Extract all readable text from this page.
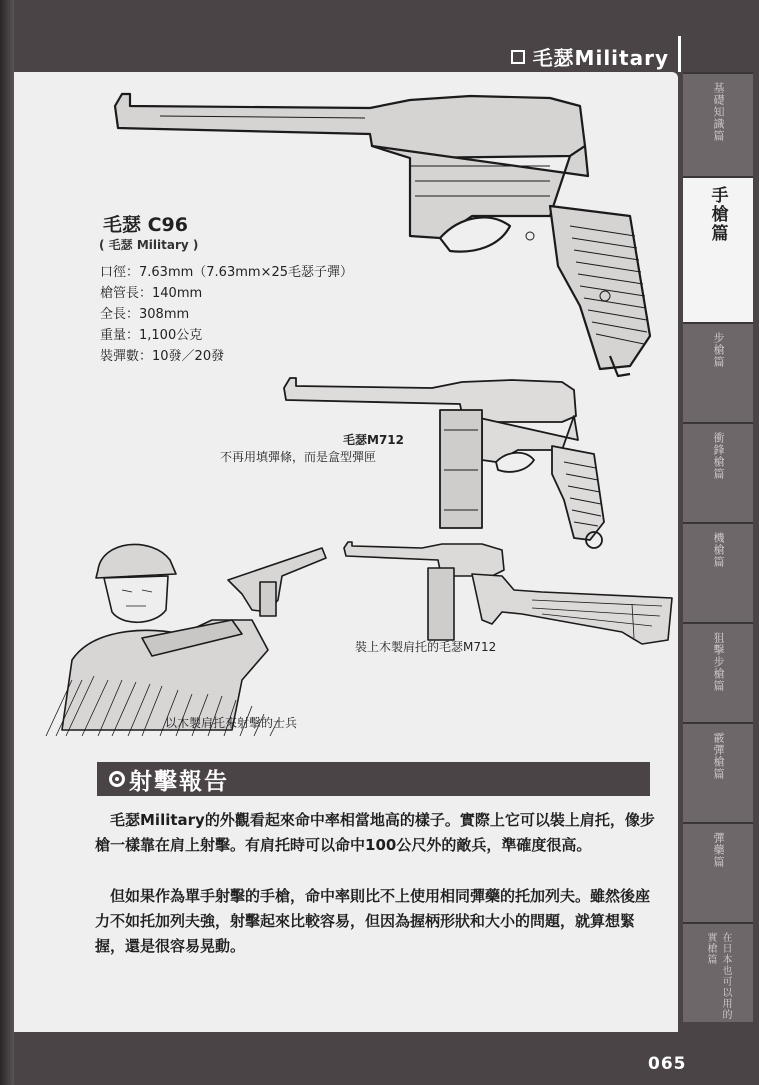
毛瑟Military
基礎知識篇
手槍篇
步槍篇
衝鋒槍篇
機槍篇
狙擊步槍篇
霰彈槍篇
彈藥篇
在日本也可以用的實槍篇
毛瑟 C96
( 毛瑟 Military )
口徑：7.63mm（7.63mm×25毛瑟子彈）
槍管長：140mm
全長：308mm
重量：1,100公克
裝彈數：10發／20發
毛瑟M712
不再用填彈條，而是盒型彈匣
裝上木製肩托的毛瑟M712
以木製肩托來射擊的士兵
射擊報告

　毛瑟Military的外觀看起來命中率相當地高的樣子。實際上它可以裝上肩托，像步槍一樣靠在肩上射擊。有肩托時可以命中100公尺外的敵兵，準確度很高。

　但如果作為單手射擊的手槍，命中率則比不上使用相同彈藥的托加列夫。雖然後座力不如托加列夫強，射擊起來比較容易，但因為握柄形狀和大小的問題，就算想緊握，還是很容易晃動。

065
